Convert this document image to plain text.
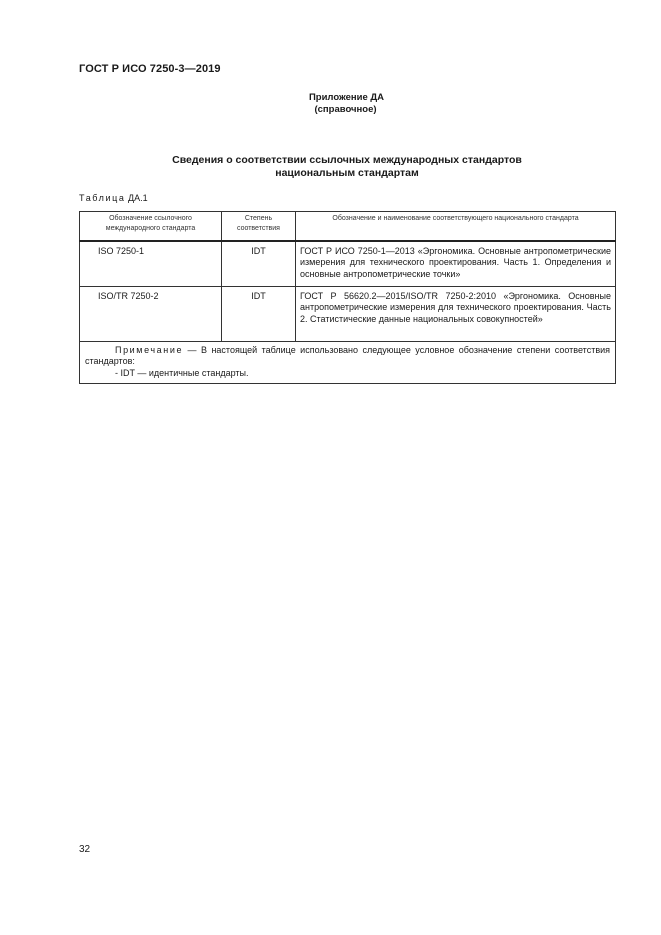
ГОСТ Р ИСО 7250-3—2019
Приложение ДА
(справочное)
Сведения о соответствии ссылочных международных стандартов
национальным стандартам
Таблица ДА.1
Обозначение ссылочного международного стандарта	Степень соответствия	Обозначение и наименование соответствующего национального стандарта
ISO 7250-1	IDT	ГОСТ Р ИСО 7250-1—2013 «Эргономика. Основные антропометрические измерения для технического проектирования. Часть 1. Определения и основные антропометрические точки»
ISO/TR 7250-2	IDT	ГОСТ Р 56620.2—2015/ISO/TR 7250-2:2010 «Эргономика. Основные антропометрические измерения для технического проектирования. Часть 2. Статистические данные национальных совокупностей»

Примечание — В настоящей таблице использовано следующее условное обозначение степени соответствия стандартов:
- IDT — идентичные стандарты.		
32
